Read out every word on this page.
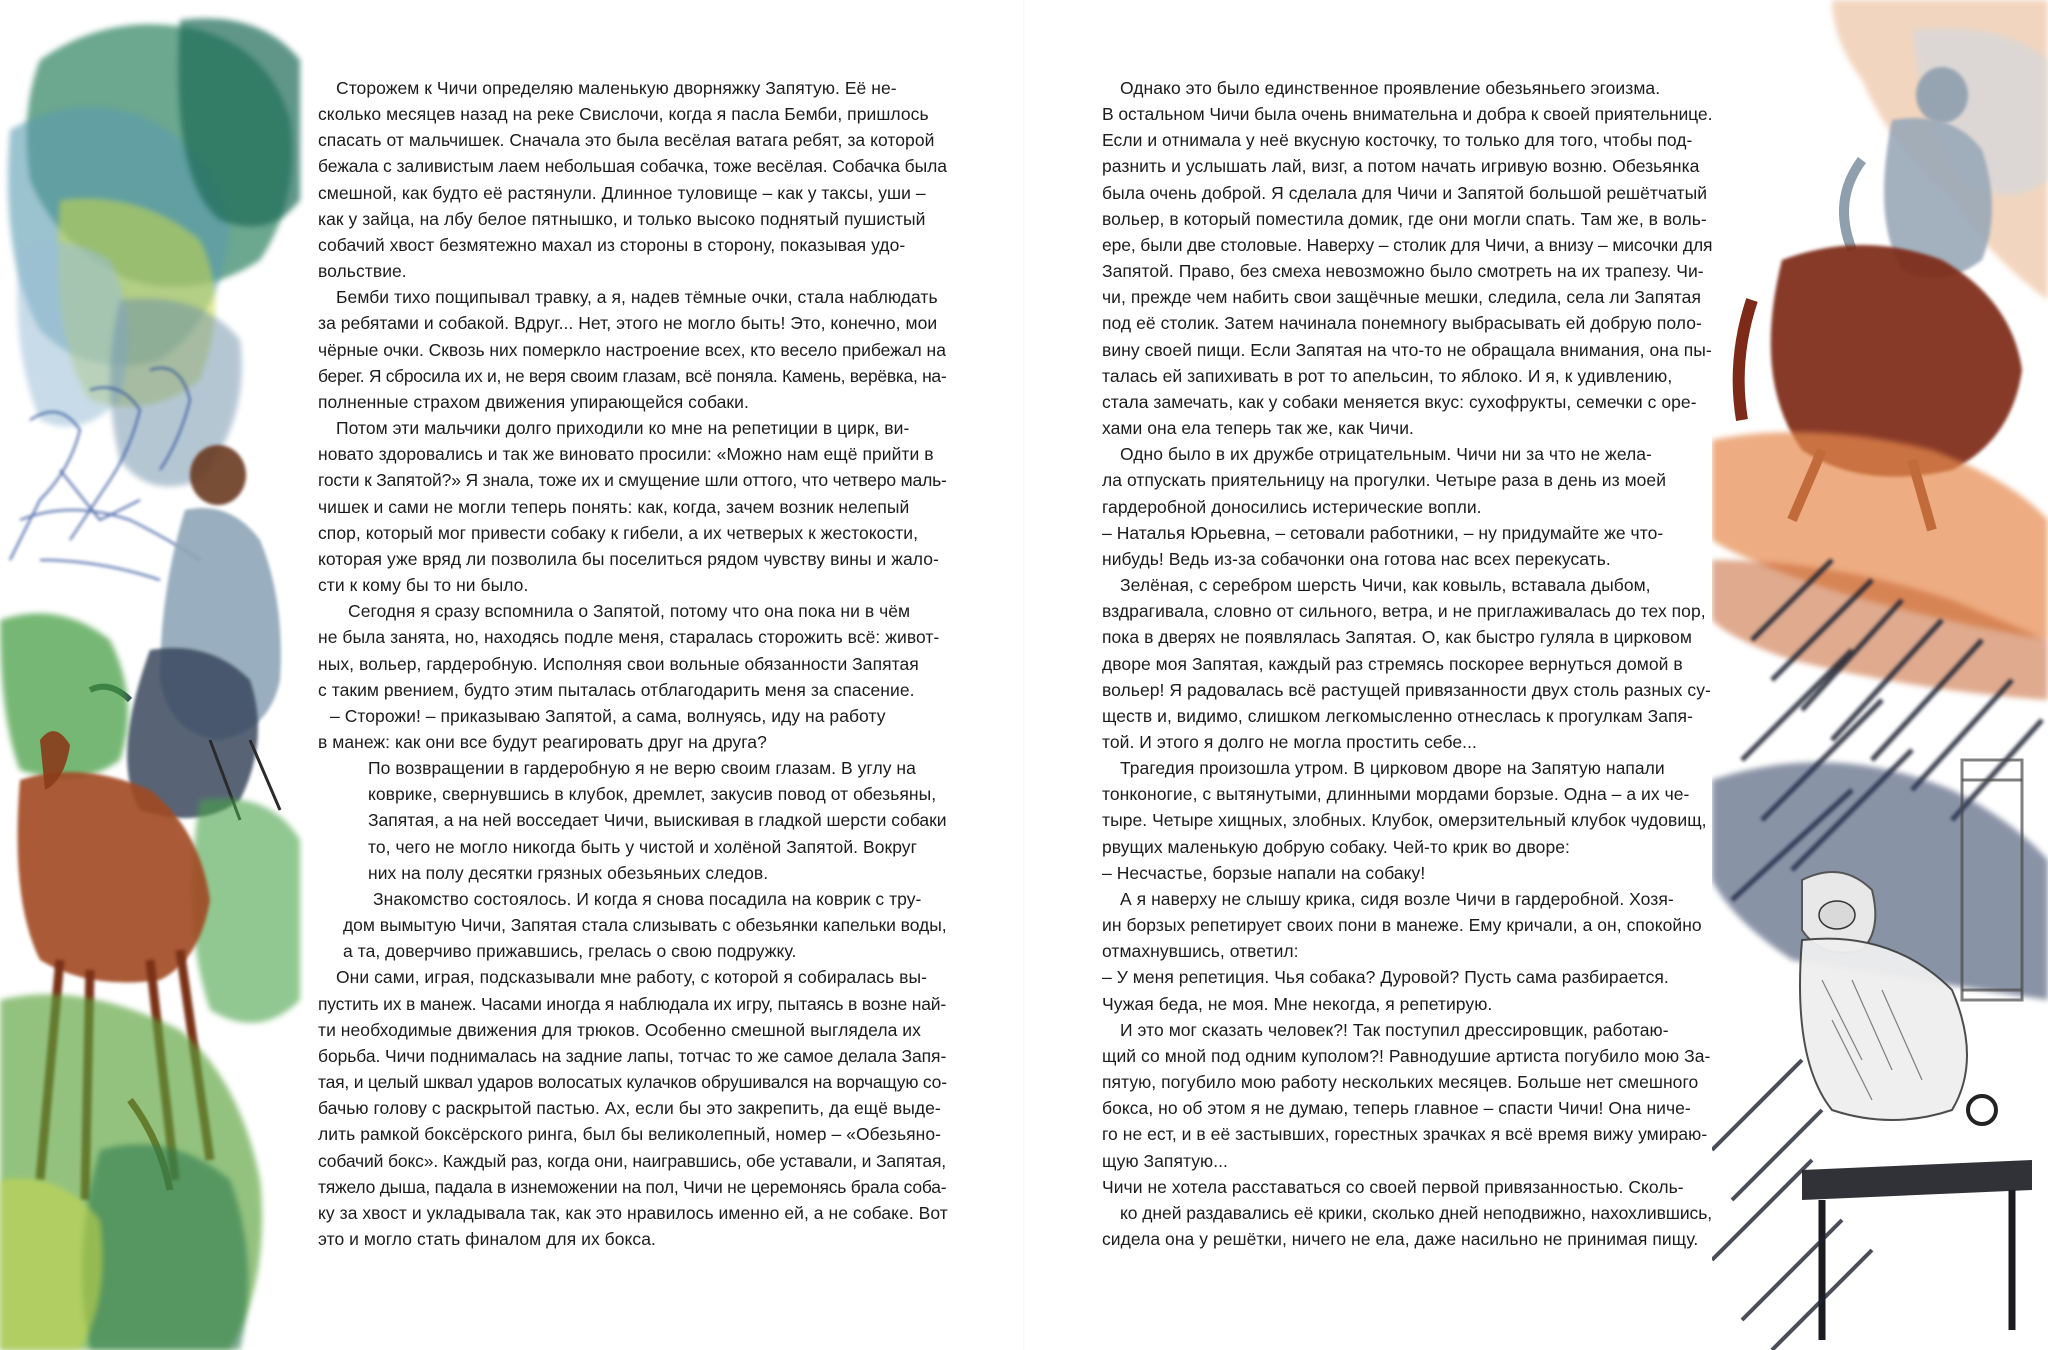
Сторожем к Чичи определяю маленькую дворняжку Запятую. Её не-

сколько месяцев назад на реке Свислочи, когда я пасла Бемби, пришлось

спасать от мальчишек. Сначала это была весёлая ватага ребят, за которой

бежала с заливистым лаем небольшая собачка, тоже весёлая. Собачка была

смешной, как будто её растянули. Длинное туловище – как у таксы, уши –

как у зайца, на лбу белое пятнышко, и только высоко поднятый пушистый

собачий хвост безмятежно махал из стороны в сторону, показывая удо-

вольствие.

Бемби тихо пощипывал травку, а я, надев тёмные очки, стала наблюдать

за ребятами и собакой. Вдруг... Нет, этого не могло быть! Это, конечно, мои

чёрные очки. Сквозь них померкло настроение всех, кто весело прибежал на

берег. Я сбросила их и, не веря своим глазам, всё поняла. Камень, верёвка, на-

полненные страхом движения упирающейся собаки.

Потом эти мальчики долго приходили ко мне на репетиции в цирк, ви-

новато здоровались и так же виновато просили: «Можно нам ещё прийти в

гости к Запятой?» Я знала, тоже их и смущение шли оттого, что четверо маль-

чишек и сами не могли теперь понять: как, когда, зачем возник нелепый

спор, который мог привести собаку к гибели, а их четверых к жестокости,

которая уже вряд ли позволила бы поселиться рядом чувству вины и жало-

сти к кому бы то ни было.

Сегодня я сразу вспомнила о Запятой, потому что она пока ни в чём

не была занята, но, находясь подле меня, старалась сторожить всё: живот-

ных, вольер, гардеробную. Исполняя свои вольные обязанности Запятая

с таким рвением, будто этим пыталась отблагодарить меня за спасение.

– Сторожи! – приказываю Запятой, а сама, волнуясь, иду на работу

в манеж: как они все будут реагировать друг на друга?

По возвращении в гардеробную я не верю своим глазам. В углу на

коврике, свернувшись в клубок, дремлет, закусив повод от обезьяны,

Запятая, а на ней восседает Чичи, выискивая в гладкой шерсти собаки

то, чего не могло никогда быть у чистой и холёной Запятой. Вокруг

них на полу десятки грязных обезьяньих следов.

Знакомство состоялось. И когда я снова посадила на коврик с тру-

дом вымытую Чичи, Запятая стала слизывать с обезьянки капельки воды,

а та, доверчиво прижавшись, грелась о свою подружку.

Они сами, играя, подсказывали мне работу, с которой я собиралась вы-

пустить их в манеж. Часами иногда я наблюдала их игру, пытаясь в возне най-

ти необходимые движения для трюков. Особенно смешной выглядела их

борьба. Чичи поднималась на задние лапы, тотчас то же самое делала Запя-

тая, и целый шквал ударов волосатых кулачков обрушивался на ворчащую со-

бачью голову с раскрытой пастью. Ах, если бы это закрепить, да ещё выде-

лить рамкой боксёрского ринга, был бы великолепный, номер – «Обезьяно-

собачий бокс». Каждый раз, когда они, наигравшись, обе уставали, и Запятая,

тяжело дыша, падала в изнеможении на пол, Чичи не церемонясь брала соба-

ку за хвост и укладывала так, как это нравилось именно ей, а не собаке. Вот

это и могло стать финалом для их бокса.

Однако это было единственное проявление обезьяньего эгоизма.

В остальном Чичи была очень внимательна и добра к своей приятельнице.

Если и отнимала у неё вкусную косточку, то только для того, чтобы под-

разнить и услышать лай, визг, а потом начать игривую возню. Обезьянка

была очень доброй. Я сделала для Чичи и Запятой большой решётчатый

вольер, в который поместила домик, где они могли спать. Там же, в воль-

ере, были две столовые. Наверху – столик для Чичи, а внизу – мисочки для

Запятой. Право, без смеха невозможно было смотреть на их трапезу. Чи-

чи, прежде чем набить свои защёчные мешки, следила, села ли Запятая

под её столик. Затем начинала понемногу выбрасывать ей добрую поло-

вину своей пищи. Если Запятая на что-то не обращала внимания, она пы-

талась ей запихивать в рот то апельсин, то яблоко. И я, к удивлению,

стала замечать, как у собаки меняется вкус: сухофрукты, семечки с оре-

хами она ела теперь так же, как Чичи.

Одно было в их дружбе отрицательным. Чичи ни за что не жела-

ла отпускать приятельницу на прогулки. Четыре раза в день из моей

гардеробной доносились истерические вопли.

– Наталья Юрьевна, – сетовали работники, – ну придумайте же что-

нибудь! Ведь из-за собачонки она готова нас всех перекусать.

Зелёная, с серебром шерсть Чичи, как ковыль, вставала дыбом,

вздрагивала, словно от сильного, ветра, и не приглаживалась до тех пор,

пока в дверях не появлялась Запятая. О, как быстро гуляла в цирковом

дворе моя Запятая, каждый раз стремясь поскорее вернуться домой в

вольер! Я радовалась всё растущей привязанности двух столь разных су-

ществ и, видимо, слишком легкомысленно отнеслась к прогулкам Запя-

той. И этого я долго не могла простить себе...

Трагедия произошла утром. В цирковом дворе на Запятую напали

тонконогие, с вытянутыми, длинными мордами борзые. Одна – а их че-

тыре. Четыре хищных, злобных. Клубок, омерзительный клубок чудовищ,

рвущих маленькую добрую собаку. Чей-то крик во дворе:

– Несчастье, борзые напали на собаку!

А я наверху не слышу крика, сидя возле Чичи в гардеробной. Хозя-

ин борзых репетирует своих пони в манеже. Ему кричали, а он, спокойно

отмахнувшись, ответил:

– У меня репетиция. Чья собака? Дуровой? Пусть сама разбирается.

Чужая беда, не моя. Мне некогда, я репетирую.

И это мог сказать человек?! Так поступил дрессировщик, работаю-

щий со мной под одним куполом?! Равнодушие артиста погубило мою За-

пятую, погубило мою работу нескольких месяцев. Больше нет смешного

бокса, но об этом я не думаю, теперь главное – спасти Чичи! Она ниче-

го не ест, и в её застывших, горестных зрачках я всё время вижу умираю-

щую Запятую...

Чичи не хотела расставаться со своей первой привязанностью. Сколь-

ко дней раздавались её крики, сколько дней неподвижно, нахохлившись,

сидела она у решётки, ничего не ела, даже насильно не принимая пищу.
